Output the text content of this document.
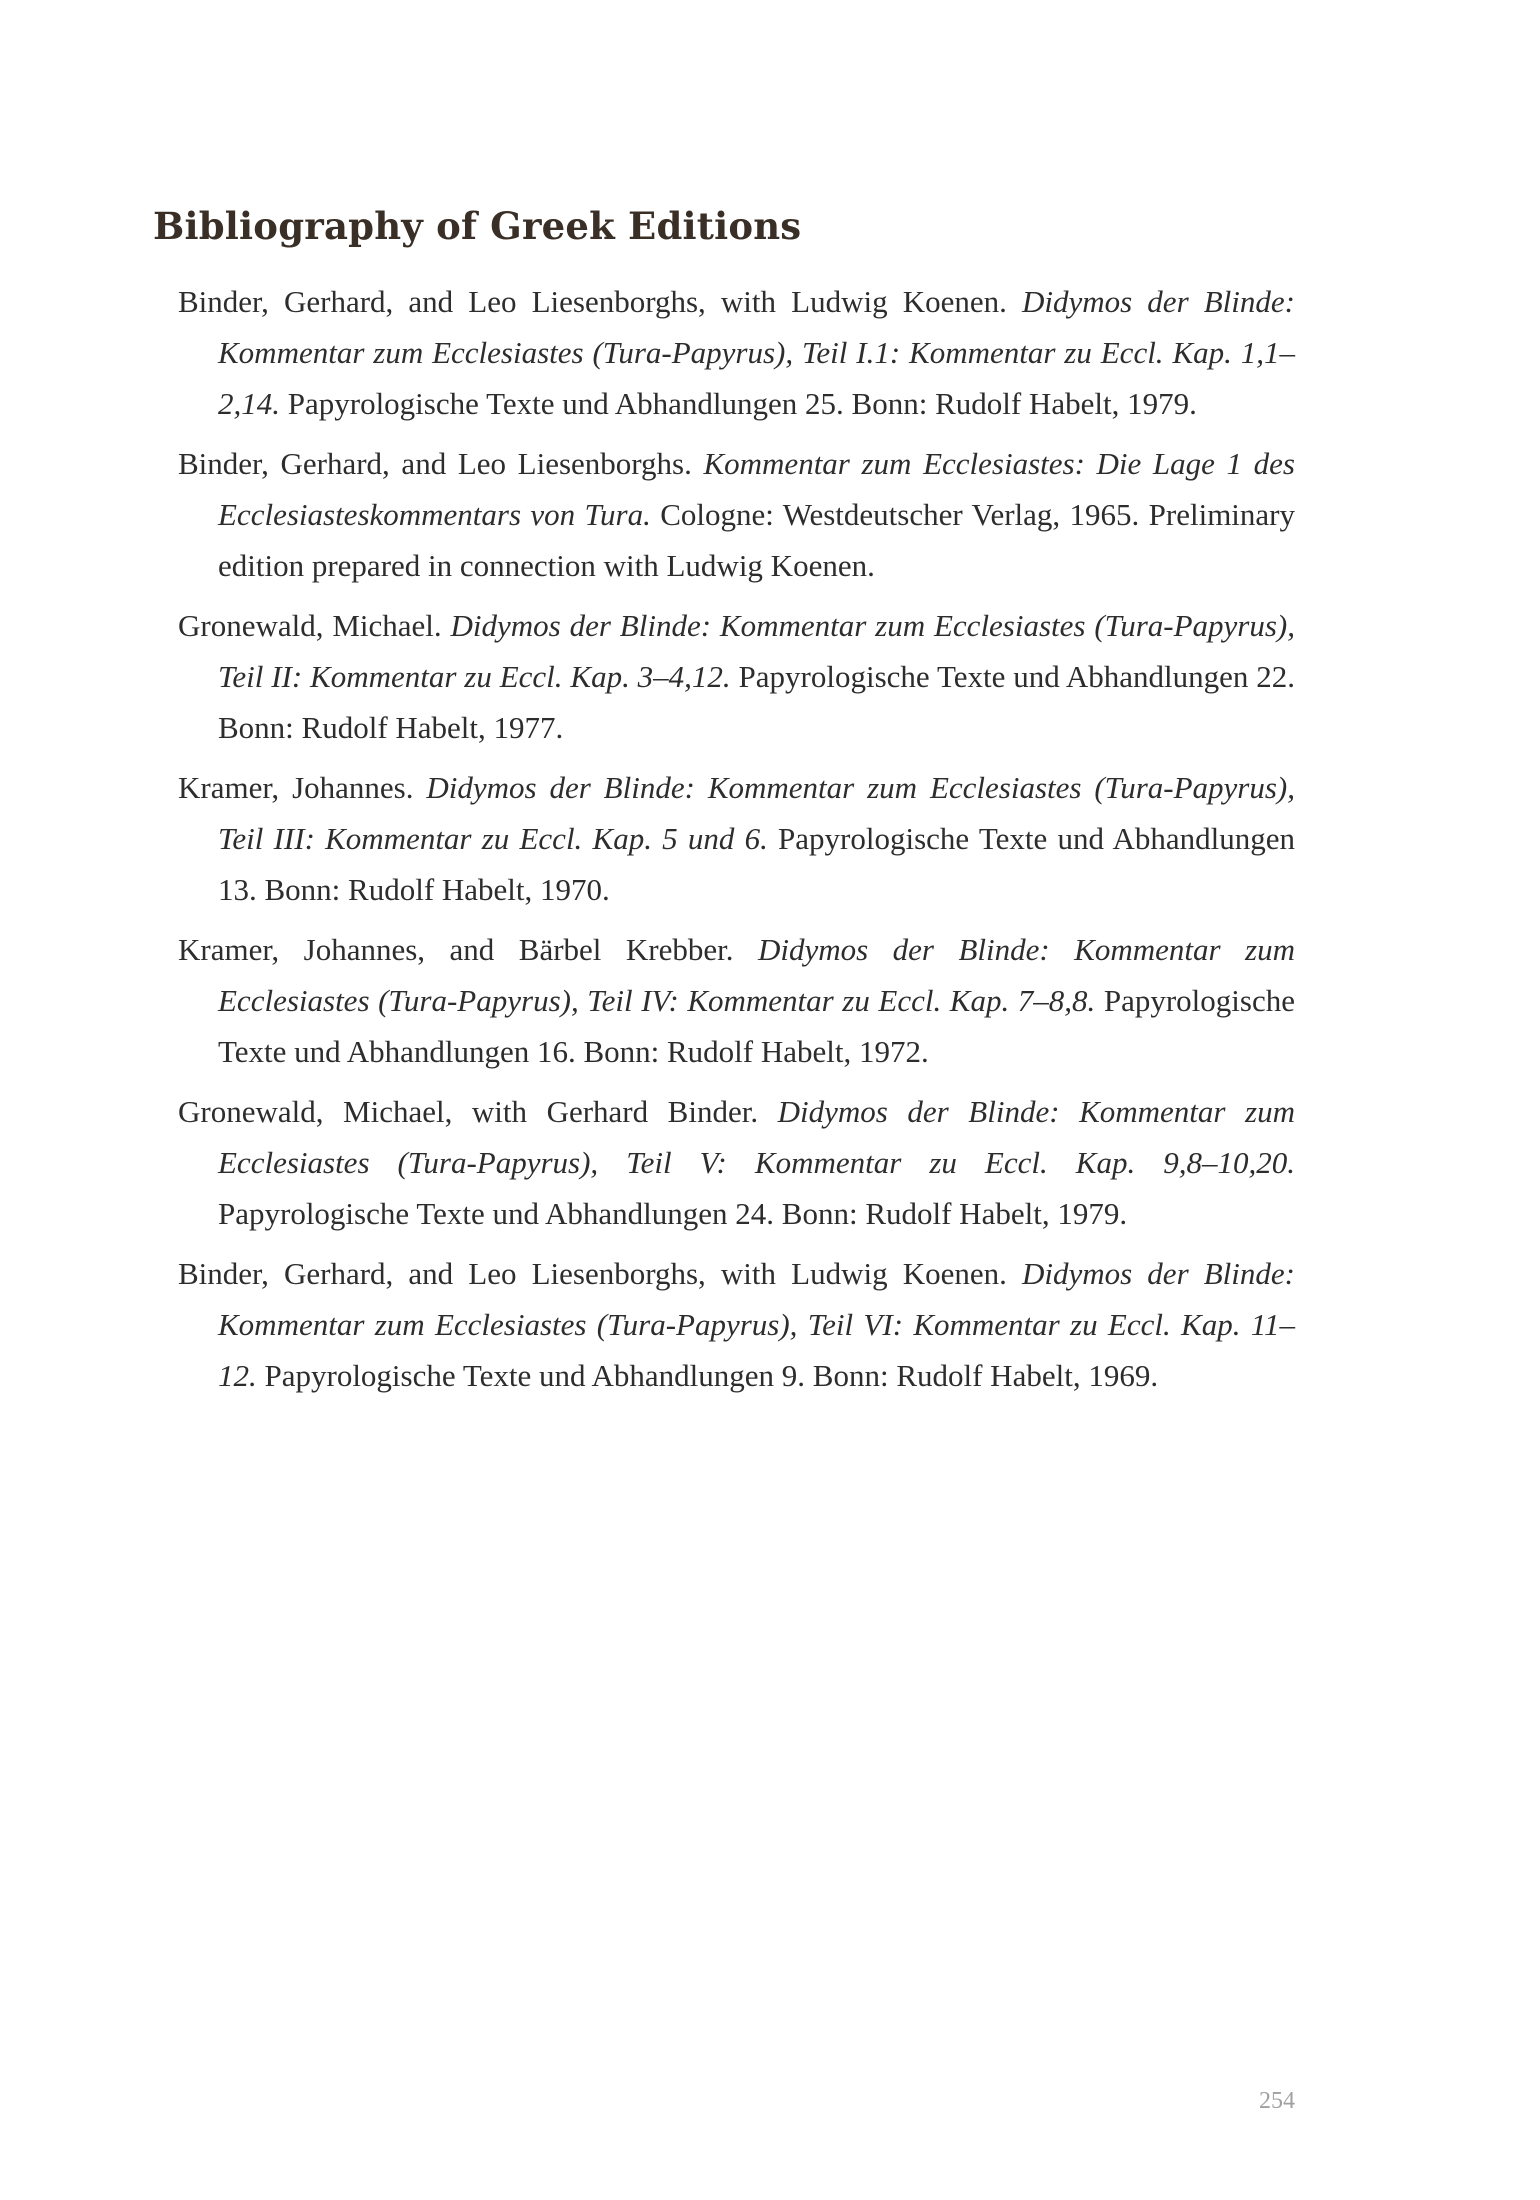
Bibliography of Greek Editions

Binder, Gerhard, and Leo Liesenborghs, with Ludwig Koenen. Didymos der Blinde: Kommentar zum Ecclesiastes (Tura-Papyrus), Teil I.1: Kommentar zu Eccl. Kap. 1,1–2,14. Papyrologische Texte und Abhandlungen 25. Bonn: Rudolf Habelt, 1979.

Binder, Gerhard, and Leo Liesenborghs. Kommentar zum Ecclesiastes: Die Lage 1 des Ecclesiasteskommentars von Tura. Cologne: Westdeutscher Verlag, 1965. Preliminary edition prepared in connection with Ludwig Koenen.

Gronewald, Michael. Didymos der Blinde: Kommentar zum Ecclesiastes (Tura-Papyrus), Teil II: Kommentar zu Eccl. Kap. 3–4,12. Papyrologische Texte und Abhandlungen 22. Bonn: Rudolf Habelt, 1977.

Kramer, Johannes. Didymos der Blinde: Kommentar zum Ecclesiastes (Tura-Papyrus), Teil III: Kommentar zu Eccl. Kap. 5 und 6. Papyrologische Texte und Abhandlungen 13. Bonn: Rudolf Habelt, 1970.

Kramer, Johannes, and Bärbel Krebber. Didymos der Blinde: Kommentar zum Ecclesiastes (Tura-Papyrus), Teil IV: Kommentar zu Eccl. Kap. 7–8,8. Papyrologische Texte und Abhandlungen 16. Bonn: Rudolf Habelt, 1972.

Gronewald, Michael, with Gerhard Binder. Didymos der Blinde: Kommentar zum Ecclesiastes (Tura-Papyrus), Teil V: Kommentar zu Eccl. Kap. 9,8–10,20. Papyrologische Texte und Abhandlungen 24. Bonn: Rudolf Habelt, 1979.

Binder, Gerhard, and Leo Liesenborghs, with Ludwig Koenen. Didymos der Blinde: Kommentar zum Ecclesiastes (Tura-Papyrus), Teil VI: Kommentar zu Eccl. Kap. 11–12. Papyrologische Texte und Abhandlungen 9. Bonn: Rudolf Habelt, 1969.

254
